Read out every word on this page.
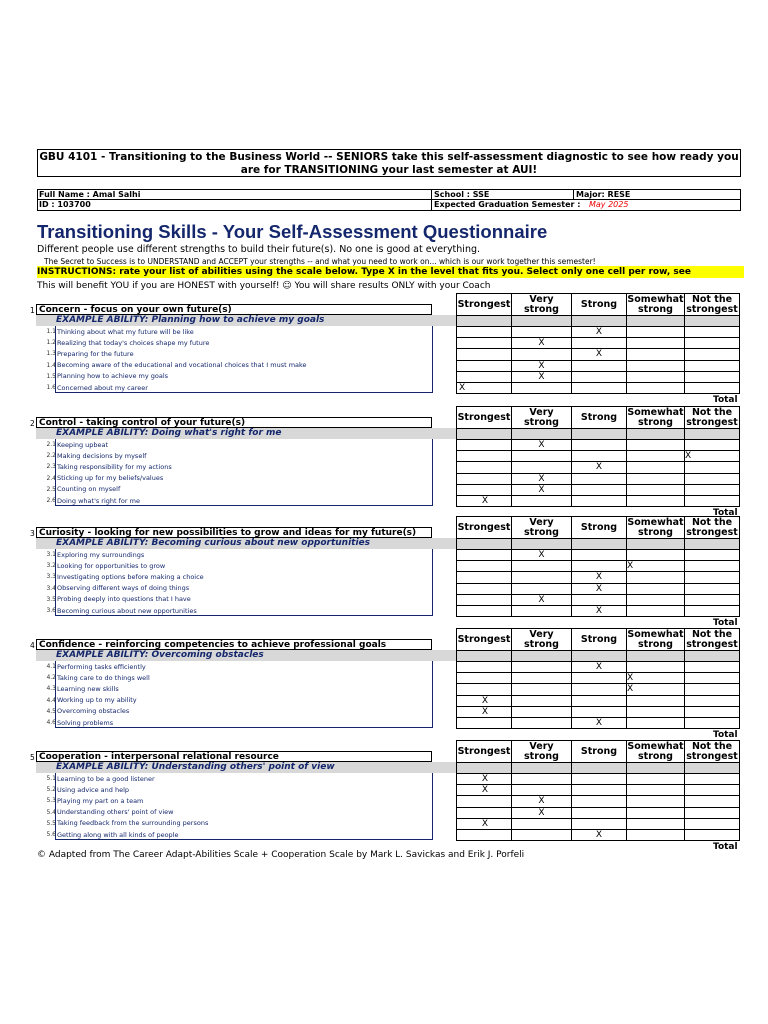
GBU 4101 - Transitioning to the Business World -- SENIORS take this self-assessment diagnostic to see how ready you
are for TRANSITIONING your last semester at AUI!
Full Name : Amal Salhi	School : SSE	Major: RESE
ID : 103700	Expected Graduation Semester : May 2025
Transitioning Skills - Your Self-Assessment Questionnaire
Different people use different strengths to build their future(s). No one is good at everything.
The Secret to Success is to UNDERSTAND and ACCEPT your strengths -- and what you need to work on... which is our work together this semester!
INSTRUCTIONS: rate your list of abilities using the scale below. Type X in the level that fits you. Select only one cell per row, see
This will benefit YOU if you are HONEST with yourself! ☺ You will share results ONLY with your Coach
1 Concern - focus on your own future(s)
EXAMPLE ABILITY: Planning how to achieve my goals
1.1 Thinking about what my future will be like
1.2 Realizing that today's choices shape my future
1.3 Preparing for the future
1.4 Becoming aware of the educational and vocational choices that I must make
1.5 Planning how to achieve my goals
1.6 Concerned about my career
Strongest	Very strong	Strong	Somewhat strong	Not the strongest

		X		
	X			
		X		
	X			
	X			
X				
Total
2 Control - taking control of your future(s)
EXAMPLE ABILITY: Doing what's right for me
2.1 Keeping upbeat
2.2 Making decisions by myself
2.3 Taking responsibility for my actions
2.4 Sticking up for my beliefs/values
2.5 Counting on myself
2.6 Doing what's right for me
Strongest	Very strong	Strong	Somewhat strong	Not the strongest

	X			
				X
		X		
	X			
	X			
X				
Total
3 Curiosity - looking for new possibilities to grow and ideas for my future(s)
EXAMPLE ABILITY: Becoming curious about new opportunities
3.1 Exploring my surroundings
3.2 Looking for opportunities to grow
3.3 Investigating options before making a choice
3.4 Observing different ways of doing things
3.5 Probing deeply into questions that I have
3.6 Becoming curious about new opportunities
Strongest	Very strong	Strong	Somewhat strong	Not the strongest

	X			
			X	
		X		
		X		
	X			
		X		
Total
4 Confidence - reinforcing competencies to achieve professional goals
EXAMPLE ABILITY: Overcoming obstacles
4.1 Performing tasks efficiently
4.2 Taking care to do things well
4.3 Learning new skills
4.4 Working up to my ability
4.5 Overcoming obstacles
4.6 Solving problems
Strongest	Very strong	Strong	Somewhat strong	Not the strongest

		X		
			X	
			X	
X				
X				
		X		
Total
5 Cooperation - interpersonal relational resource
EXAMPLE ABILITY: Understanding others' point of view
5.1 Learning to be a good listener
5.2 Using advice and help
5.3 Playing my part on a team
5.4 Understanding others' point of view
5.5 Taking feedback from the surrounding persons
5.6 Getting along with all kinds of people
Strongest	Very strong	Strong	Somewhat strong	Not the strongest

X				
X				
	X			
	X			
X				
		X		
Total
© Adapted from The Career Adapt-Abilities Scale + Cooperation Scale by Mark L. Savickas and Erik J. Porfeli
